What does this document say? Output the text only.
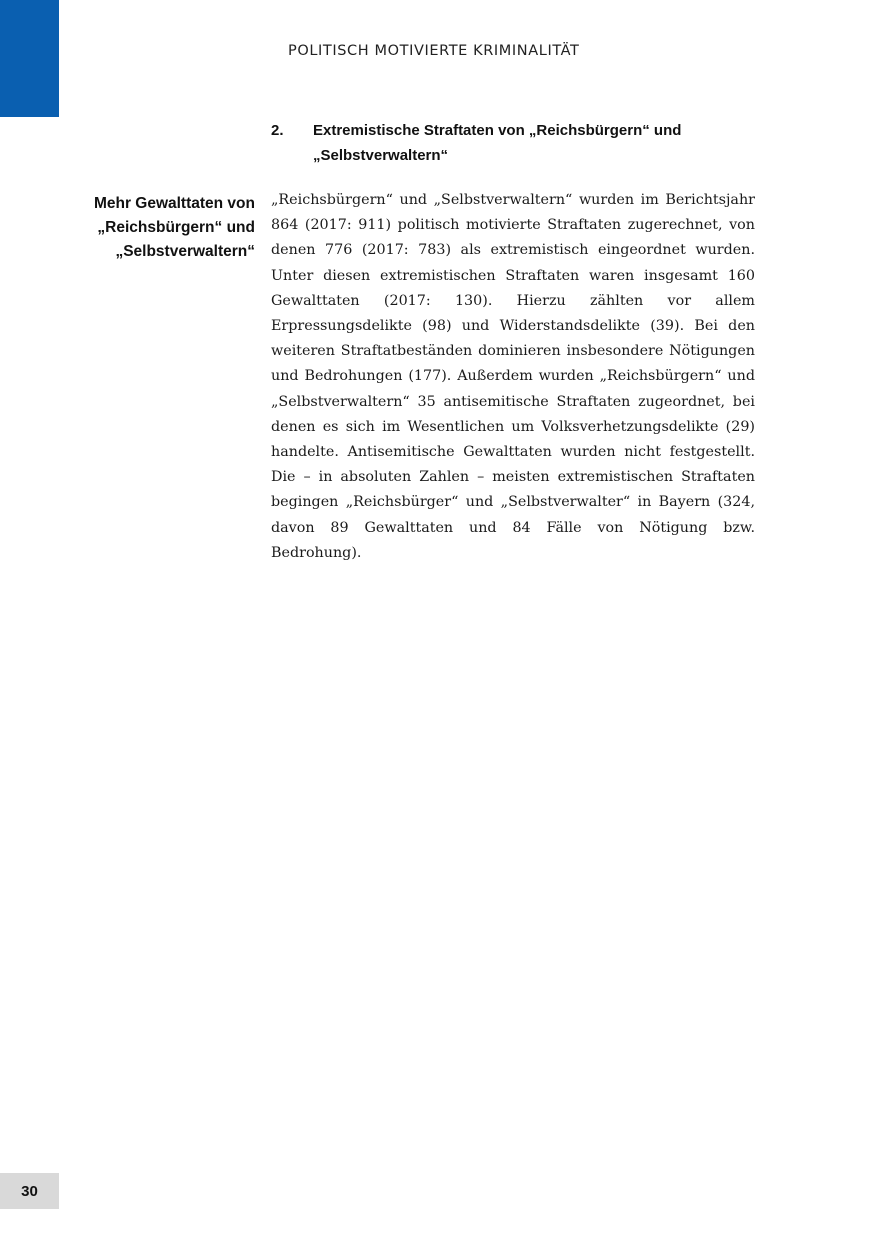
POLITISCH MOTIVIERTE KRIMINALITÄT
2.	Extremistische Straftaten von „Reichsbürgern“ und „Selbstverwaltern“
Mehr Gewalttaten von „Reichsbürgern“ und „Selbstverwaltern“

„Reichsbürgern“ und „Selbstverwaltern“ wurden im Berichtsjahr 864 (2017: 911) politisch motivierte Straftaten zugerechnet, von denen 776 (2017: 783) als extremistisch eingeordnet wurden. Unter diesen extremistischen Straftaten waren insgesamt 160 Gewalttaten (2017: 130). Hierzu zählten vor allem Erpressungsdelikte (98) und Widerstandsdelikte (39). Bei den weiteren Straftatbeständen dominieren insbesondere Nötigungen und Bedrohungen (177). Außerdem wurden „Reichsbürgern“ und „Selbstverwaltern“ 35 antisemitische Straftaten zugeordnet, bei denen es sich im Wesentlichen um Volksverhetzungsdelikte (29) handelte. Antisemitische Gewalttaten wurden nicht festgestellt. Die – in absoluten Zahlen – meisten extremistischen Straftaten begingen „Reichsbürger“ und „Selbstverwalter“ in Bayern (324, davon 89 Gewalttaten und 84 Fälle von Nötigung bzw. Bedrohung).

30
